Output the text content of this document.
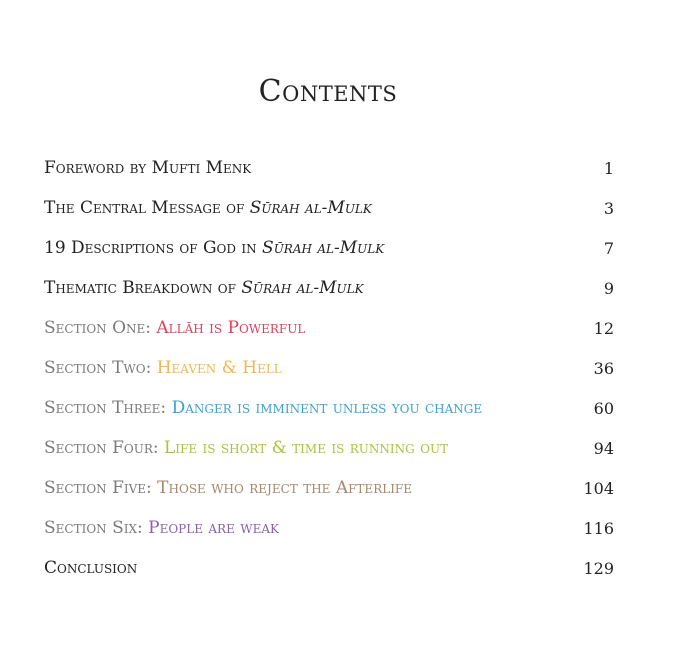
Contents
Foreword by Mufti Menk	1
The Central Message of Sūrah al-Mulk	3
19 Descriptions of God in Sūrah al-Mulk	7
Thematic Breakdown of Sūrah al-Mulk	9
Section One: Allāh is Powerful	12
Section Two: Heaven & Hell	36
Section Three: Danger is imminent unless you change	60
Section Four: Life is short & time is running out	94
Section Five: Those who reject the Afterlife	104
Section Six: People are weak	116
Conclusion	129
